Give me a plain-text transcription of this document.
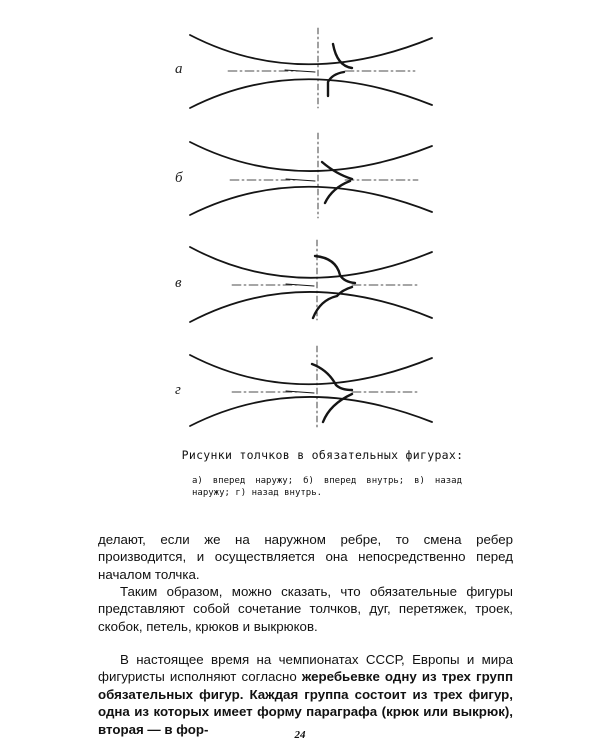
а
б
в
г
Рисунки толчков в обязательных фигурах:
а) вперед наружу; б) вперед внутрь; в) назад наружу; г) назад внутрь.

делают, если же на наружном ребре, то смена ребер производится, и осуществляется она непосредственно перед началом толчка.

Таким образом, можно сказать, что обязательные фигуры представляют собой сочетание толчков, дуг, перетяжек, троек, скобок, петель, крюков и выкрюков.

В настоящее время на чемпионатах СССР, Европы и мира фигуристы исполняют согласно жеребьевке одну из трех групп обязательных фигур. Каждая группа состоит из трех фигур, одна из которых имеет форму параграфа (крюк или выкрюк), вторая — в фор-	24
